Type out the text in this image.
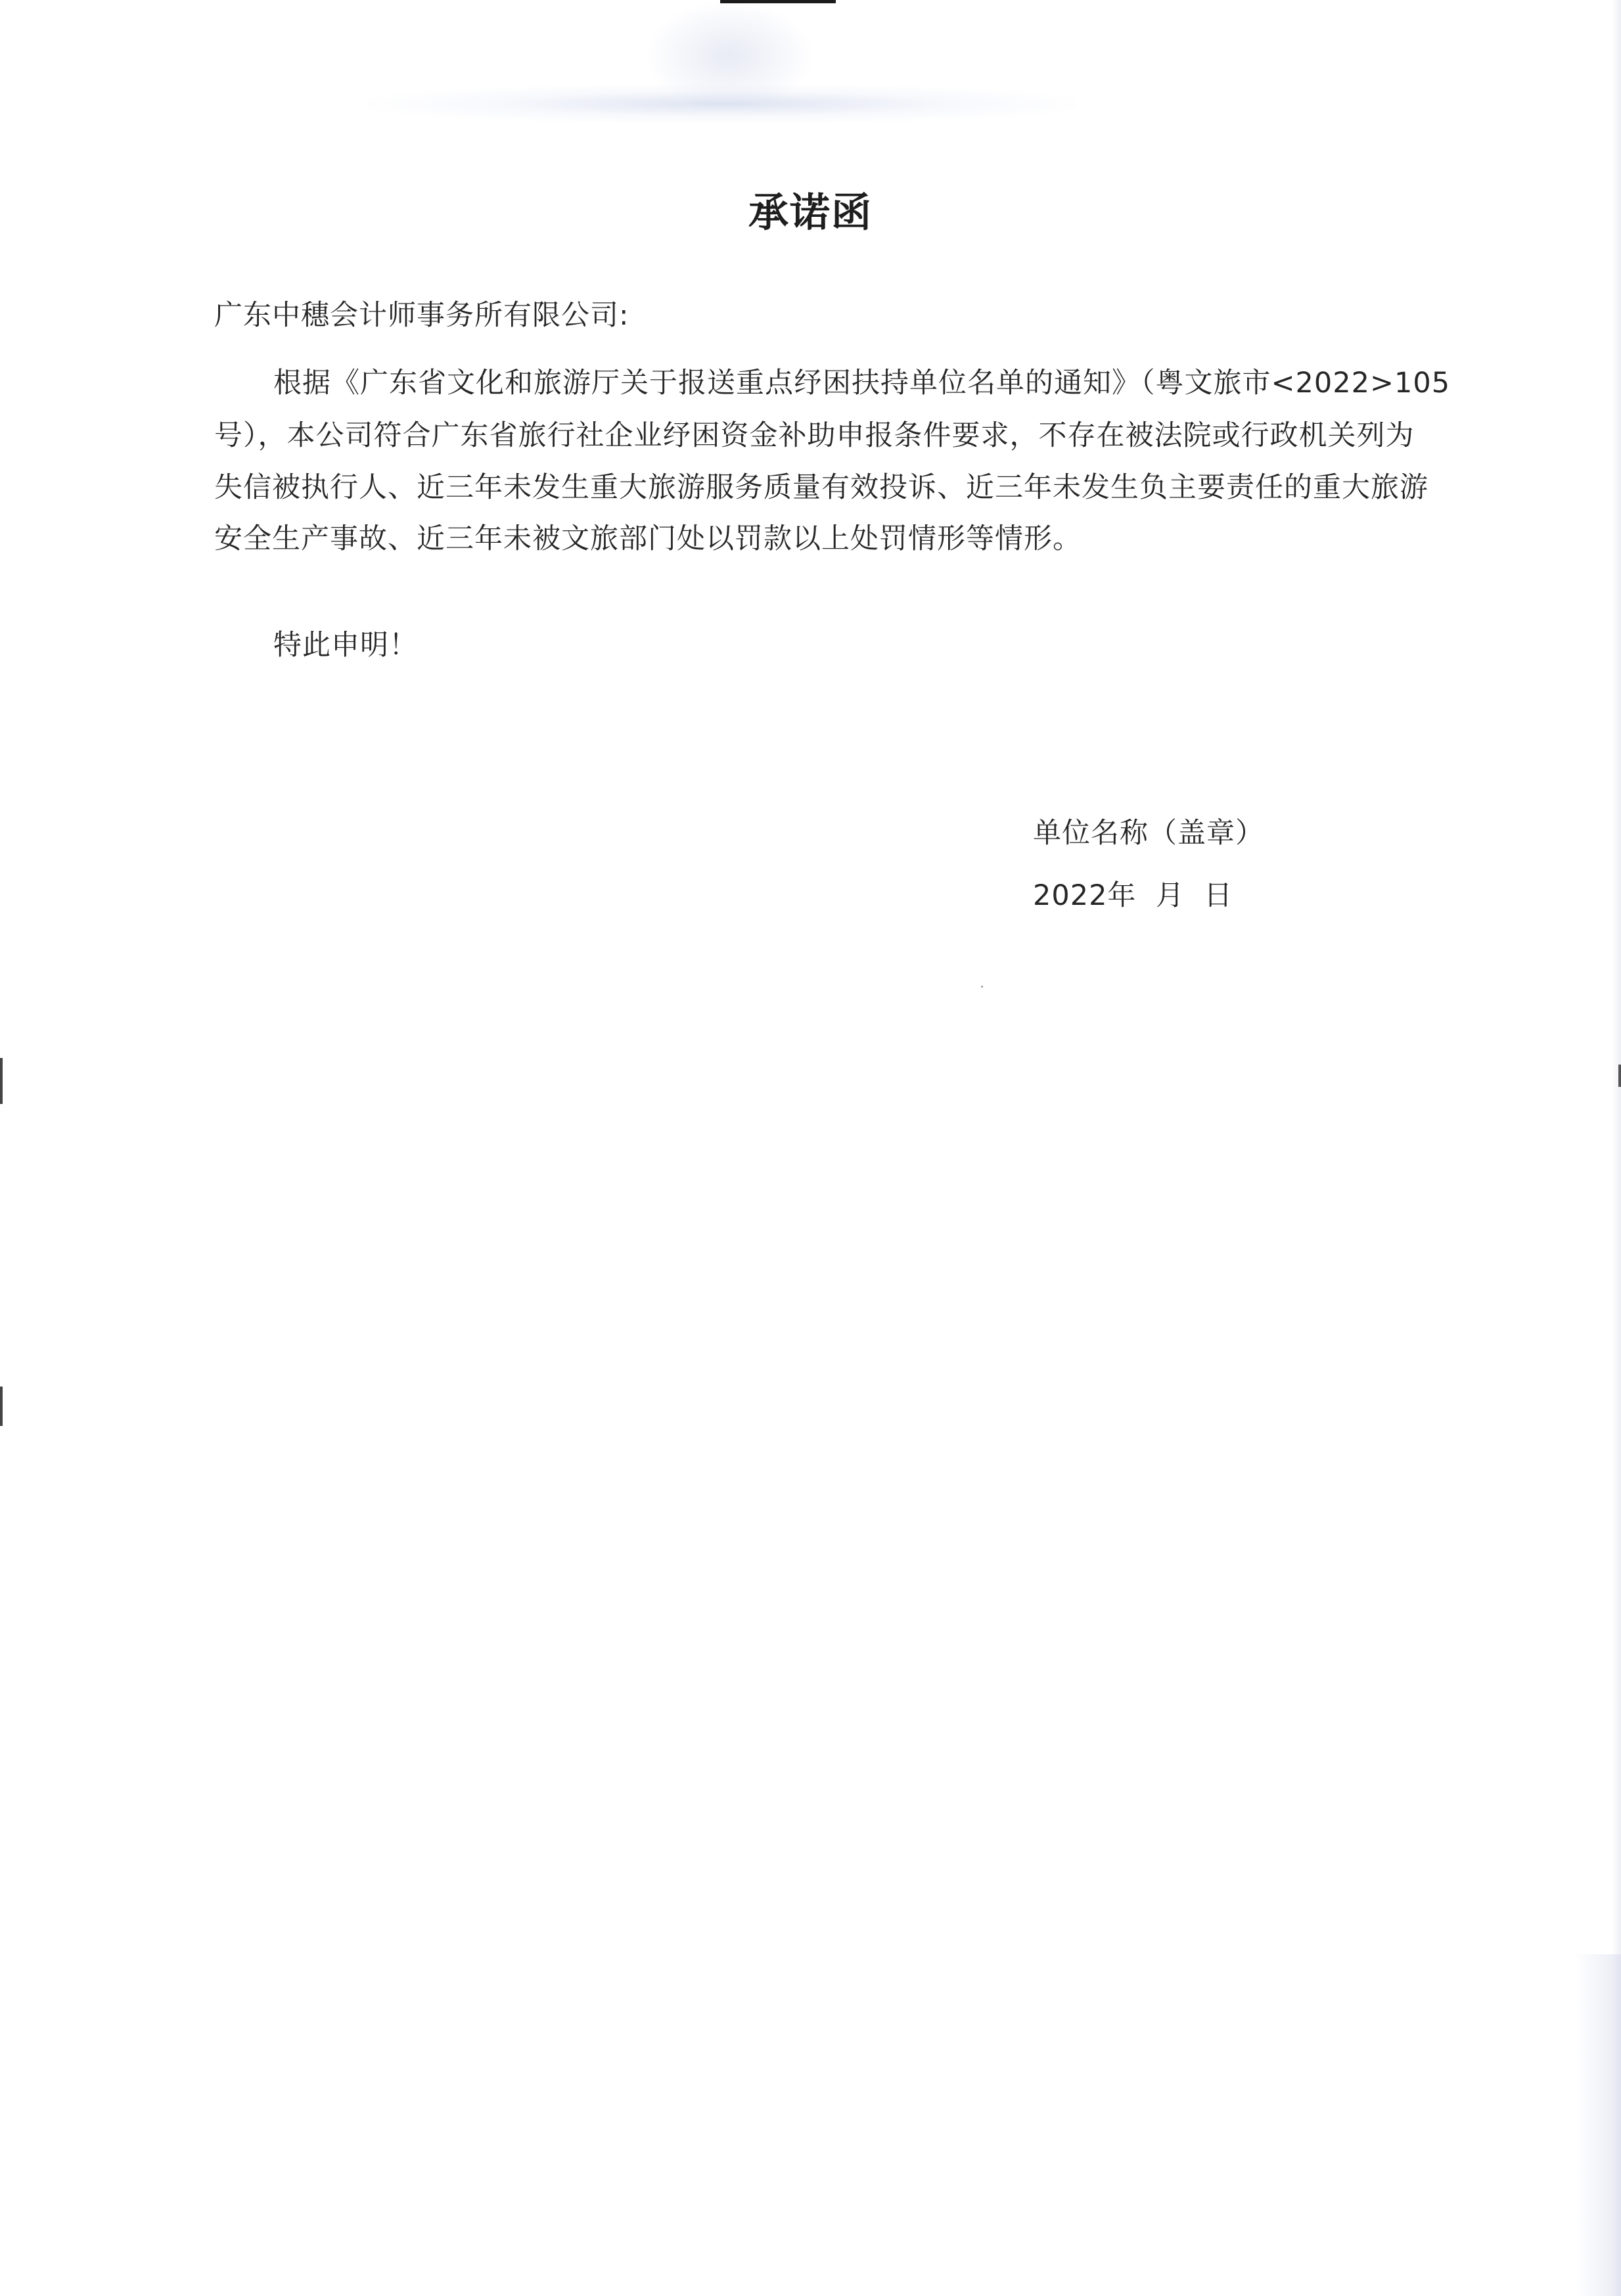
承诺函
广东中穗会计师事务所有限公司:
根据《广东省文化和旅游厅关于报送重点纾困扶持单位名单的通知》（粤文旅市<2022>105
号），本公司符合广东省旅行社企业纾困资金补助申报条件要求，不存在被法院或行政机关列为
失信被执行人、近三年未发生重大旅游服务质量有效投诉、近三年未发生负主要责任的重大旅游
安全生产事故、近三年未被文旅部门处以罚款以上处罚情形等情形。
特此申明！
单位名称（盖章）
2022年  月  日
